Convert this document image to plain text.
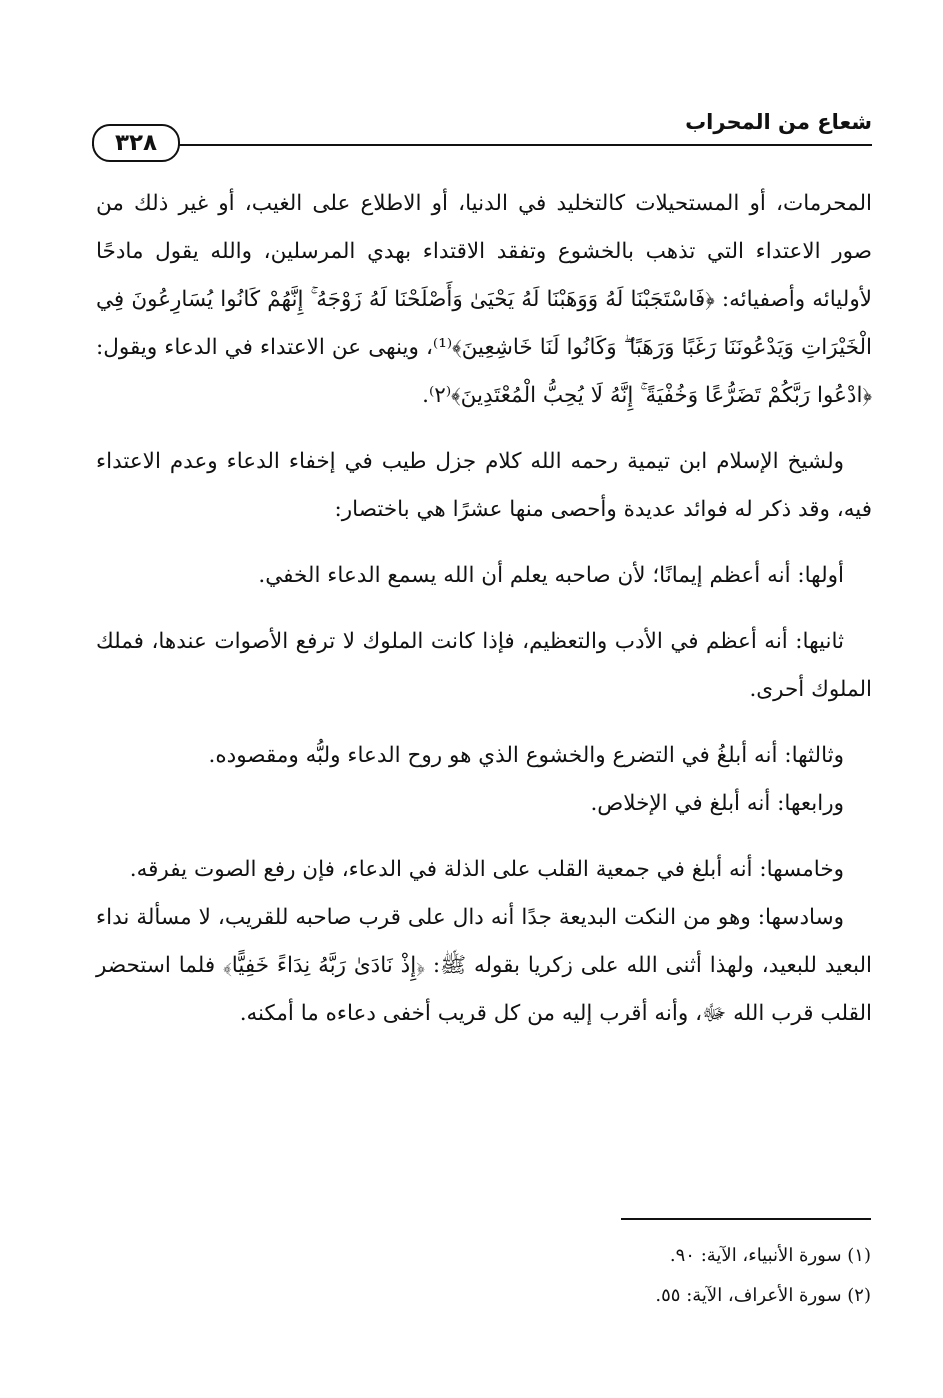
شعاع من المحراب
٣٢٨

المحرمات، أو المستحيلات كالتخليد في الدنيا، أو الاطلاع على الغيب، أو غير ذلك من صور الاعتداء التي تذهب بالخشوع وتفقد الاقتداء بهدي المرسلين، والله يقول مادحًا لأوليائه وأصفيائه: ﴿فَاسْتَجَبْنَا لَهُ وَوَهَبْنَا لَهُ يَحْيَىٰ وَأَصْلَحْنَا لَهُ زَوْجَهُ ۚ إِنَّهُمْ كَانُوا يُسَارِعُونَ فِي الْخَيْرَاتِ وَيَدْعُونَنَا رَغَبًا وَرَهَبًا ۖ وَكَانُوا لَنَا خَاشِعِينَ﴾⁽¹⁾، وينهى عن الاعتداء في الدعاء ويقول: ﴿ادْعُوا رَبَّكُمْ تَضَرُّعًا وَخُفْيَةً ۚ إِنَّهُ لَا يُحِبُّ الْمُعْتَدِينَ﴾⁽٢⁾.

ولشيخ الإسلام ابن تيمية رحمه الله كلام جزل طيب في إخفاء الدعاء وعدم الاعتداء فيه، وقد ذكر له فوائد عديدة وأحصى منها عشرًا هي باختصار:

أولها: أنه أعظم إيمانًا؛ لأن صاحبه يعلم أن الله يسمع الدعاء الخفي.

ثانيها: أنه أعظم في الأدب والتعظيم، فإذا كانت الملوك لا ترفع الأصوات عندها، فملك الملوك أحرى.

وثالثها: أنه أبلغُ في التضرع والخشوع الذي هو روح الدعاء ولبُّه ومقصوده.

ورابعها: أنه أبلغ في الإخلاص.

وخامسها: أنه أبلغ في جمعية القلب على الذلة في الدعاء، فإن رفع الصوت يفرقه.

وسادسها: وهو من النكت البديعة جدًا أنه دال على قرب صاحبه للقريب، لا مسألة نداء البعيد للبعيد، ولهذا أثنى الله على زكريا بقوله ﷺ: ﴿إِذْ نَادَىٰ رَبَّهُ نِدَاءً خَفِيًّا﴾ فلما استحضر القلب قرب الله ﷻ، وأنه أقرب إليه من كل قريب أخفى دعاءه ما أمكنه.

(١) سورة الأنبياء، الآية: ٩٠.
(٢) سورة الأعراف، الآية: ٥٥.
